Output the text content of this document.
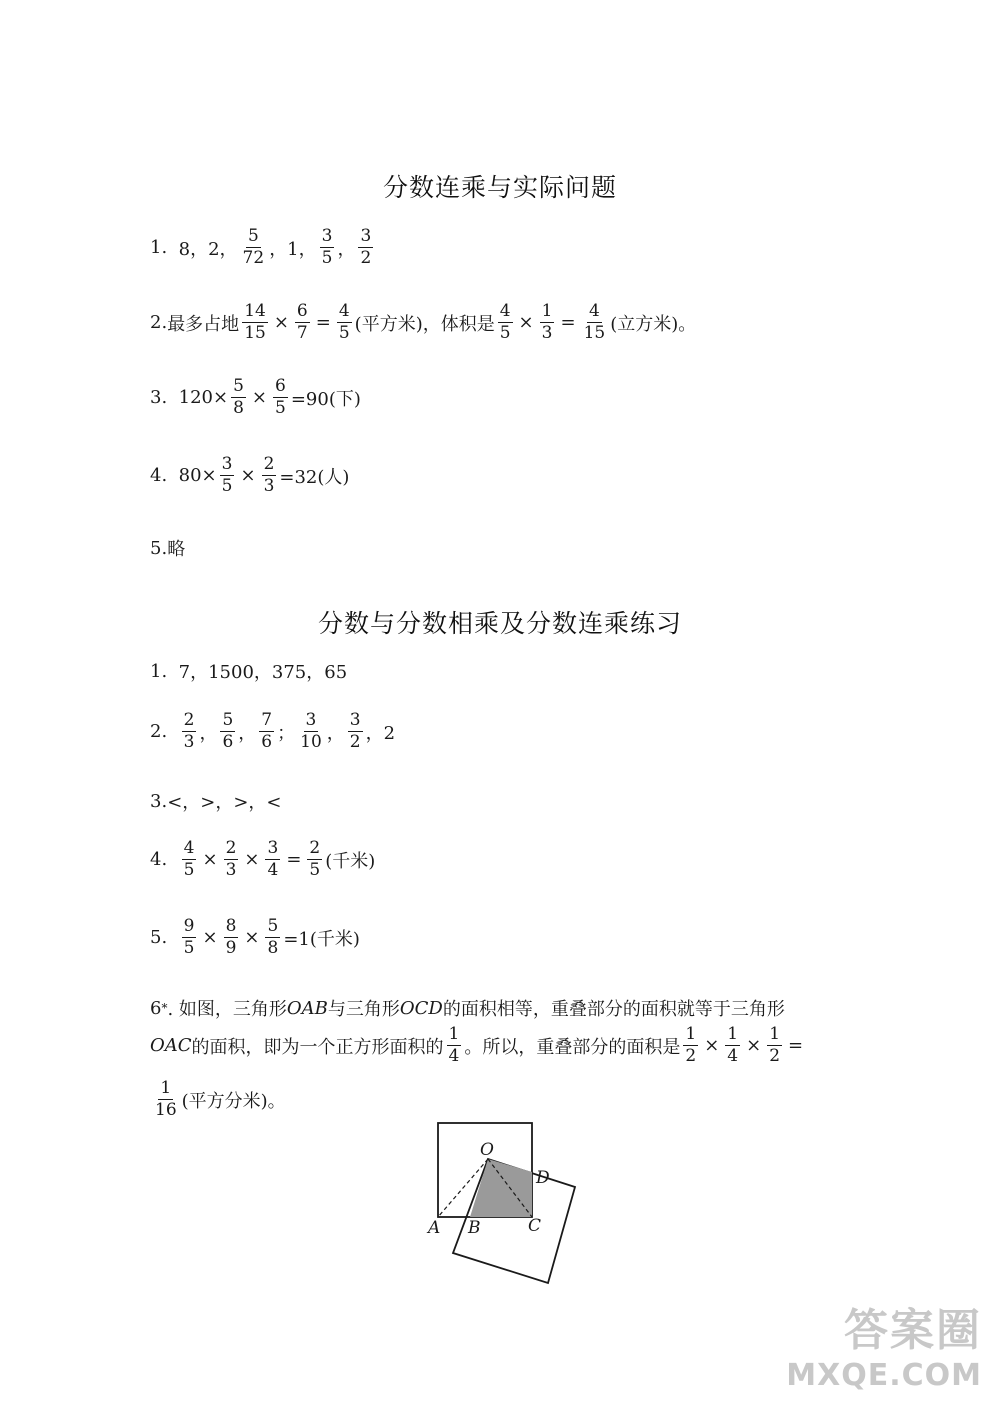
分数连乘与实际问题
1.
8，2， $\frac{5}{72}$ ，1， $\frac{3}{5}$ ， $\frac{3}{2}$
2. 最多占地 $\frac{14}{15} \times \frac{6}{7} = \frac{4}{5}$ (平方米)，体积是 $\frac{4}{5} \times \frac{1}{3} = \frac{4}{15}$ (立方米)。
3.
$120\times \frac{5}{8} \times \frac{6}{5} =90$(下)
4.
$80\times \frac{3}{5} \times \frac{2}{3} =32$(人)
5. 略
分数与分数相乘及分数连乘练习
1.
7，1500，375，65
2.
$\frac{2}{3}$ ， $\frac{5}{6}$ ， $\frac{7}{6}$ ； $\frac{3}{10}$ ， $\frac{3}{2}$ ，2
3. <，>，>，<
4.
$\frac{4}{5} \times \frac{2}{3} \times \frac{3}{4} = \frac{2}{5}$ (千米)
5.
$\frac{9}{5} \times \frac{8}{9} \times \frac{5}{8} =1$(千米)
6 * . 如图，三角形 OAB 与三角形 OCD 的面积相等，重叠部分的面积就等于三角形
OAC 的面积，即为一个正方形面积的 $\frac{1}{4}$ 。所以，重叠部分的面积是 $\frac{1}{2} \times \frac{1}{4} \times \frac{1}{2}$ =
$\frac{1}{16}$ (平方分米)。
O
D
A B	C
答案圈
MXQE.COM
